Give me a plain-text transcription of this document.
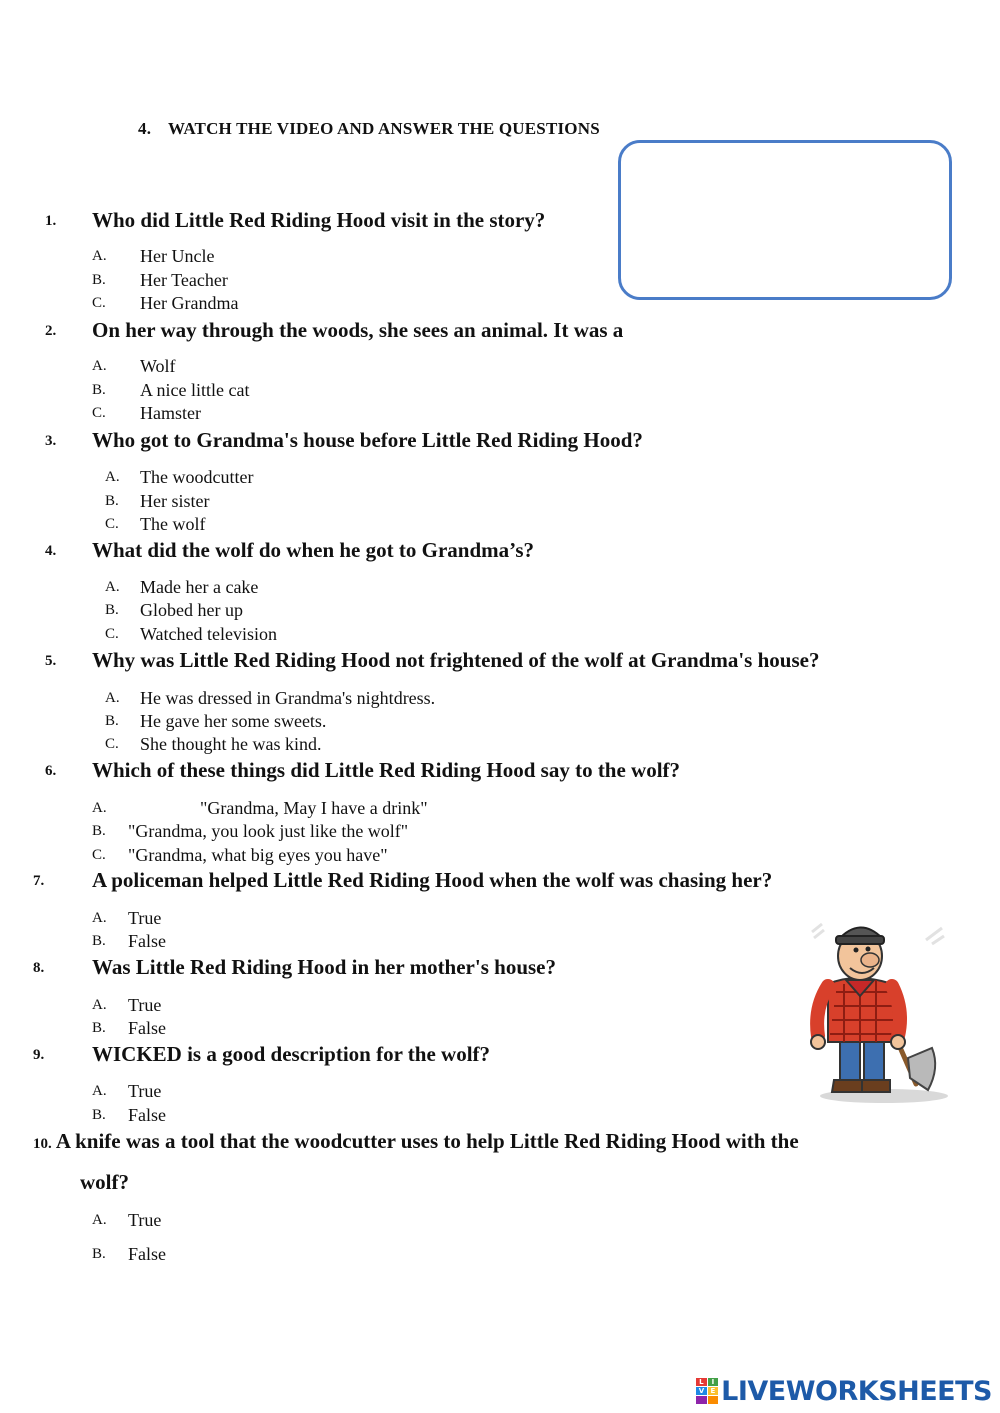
4. WATCH THE VIDEO AND ANSWER THE QUESTIONS
1. Who did Little Red Riding Hood visit in the story?
A. Her Uncle
B. Her Teacher
C. Her Grandma
2. On her way through the woods, she sees an animal. It was a
A. Wolf
B. A nice little cat
C. Hamster
3. Who got to Grandma's house before Little Red Riding Hood?
A. The woodcutter
B. Her sister
C. The wolf
4. What did the wolf do when he got to Grandma’s?
A. Made her a cake
B. Globed her up
C. Watched television
5. Why was Little Red Riding Hood not frightened of the wolf at Grandma's house?
A. He was dressed in Grandma's nightdress.
B. He gave her some sweets.
C. She thought he was kind.
6. Which of these things did Little Red Riding Hood say to the wolf?
A.	"Grandma, May I have a drink"
B. "Grandma, you look just like the wolf"
C. "Grandma, what big eyes you have"
7. A policeman helped Little Red Riding Hood when the wolf was chasing her?
A. True
B. False
8. Was Little Red Riding Hood in her mother's house?
A. True
B. False
9. WICKED is a good description for the wolf?
A. True
B. False
10. A knife was a tool that the woodcutter uses to help Little Red Riding Hood with the
wolf?
A. True
B. False
L	I
V E LIVEWORKSHEETS
